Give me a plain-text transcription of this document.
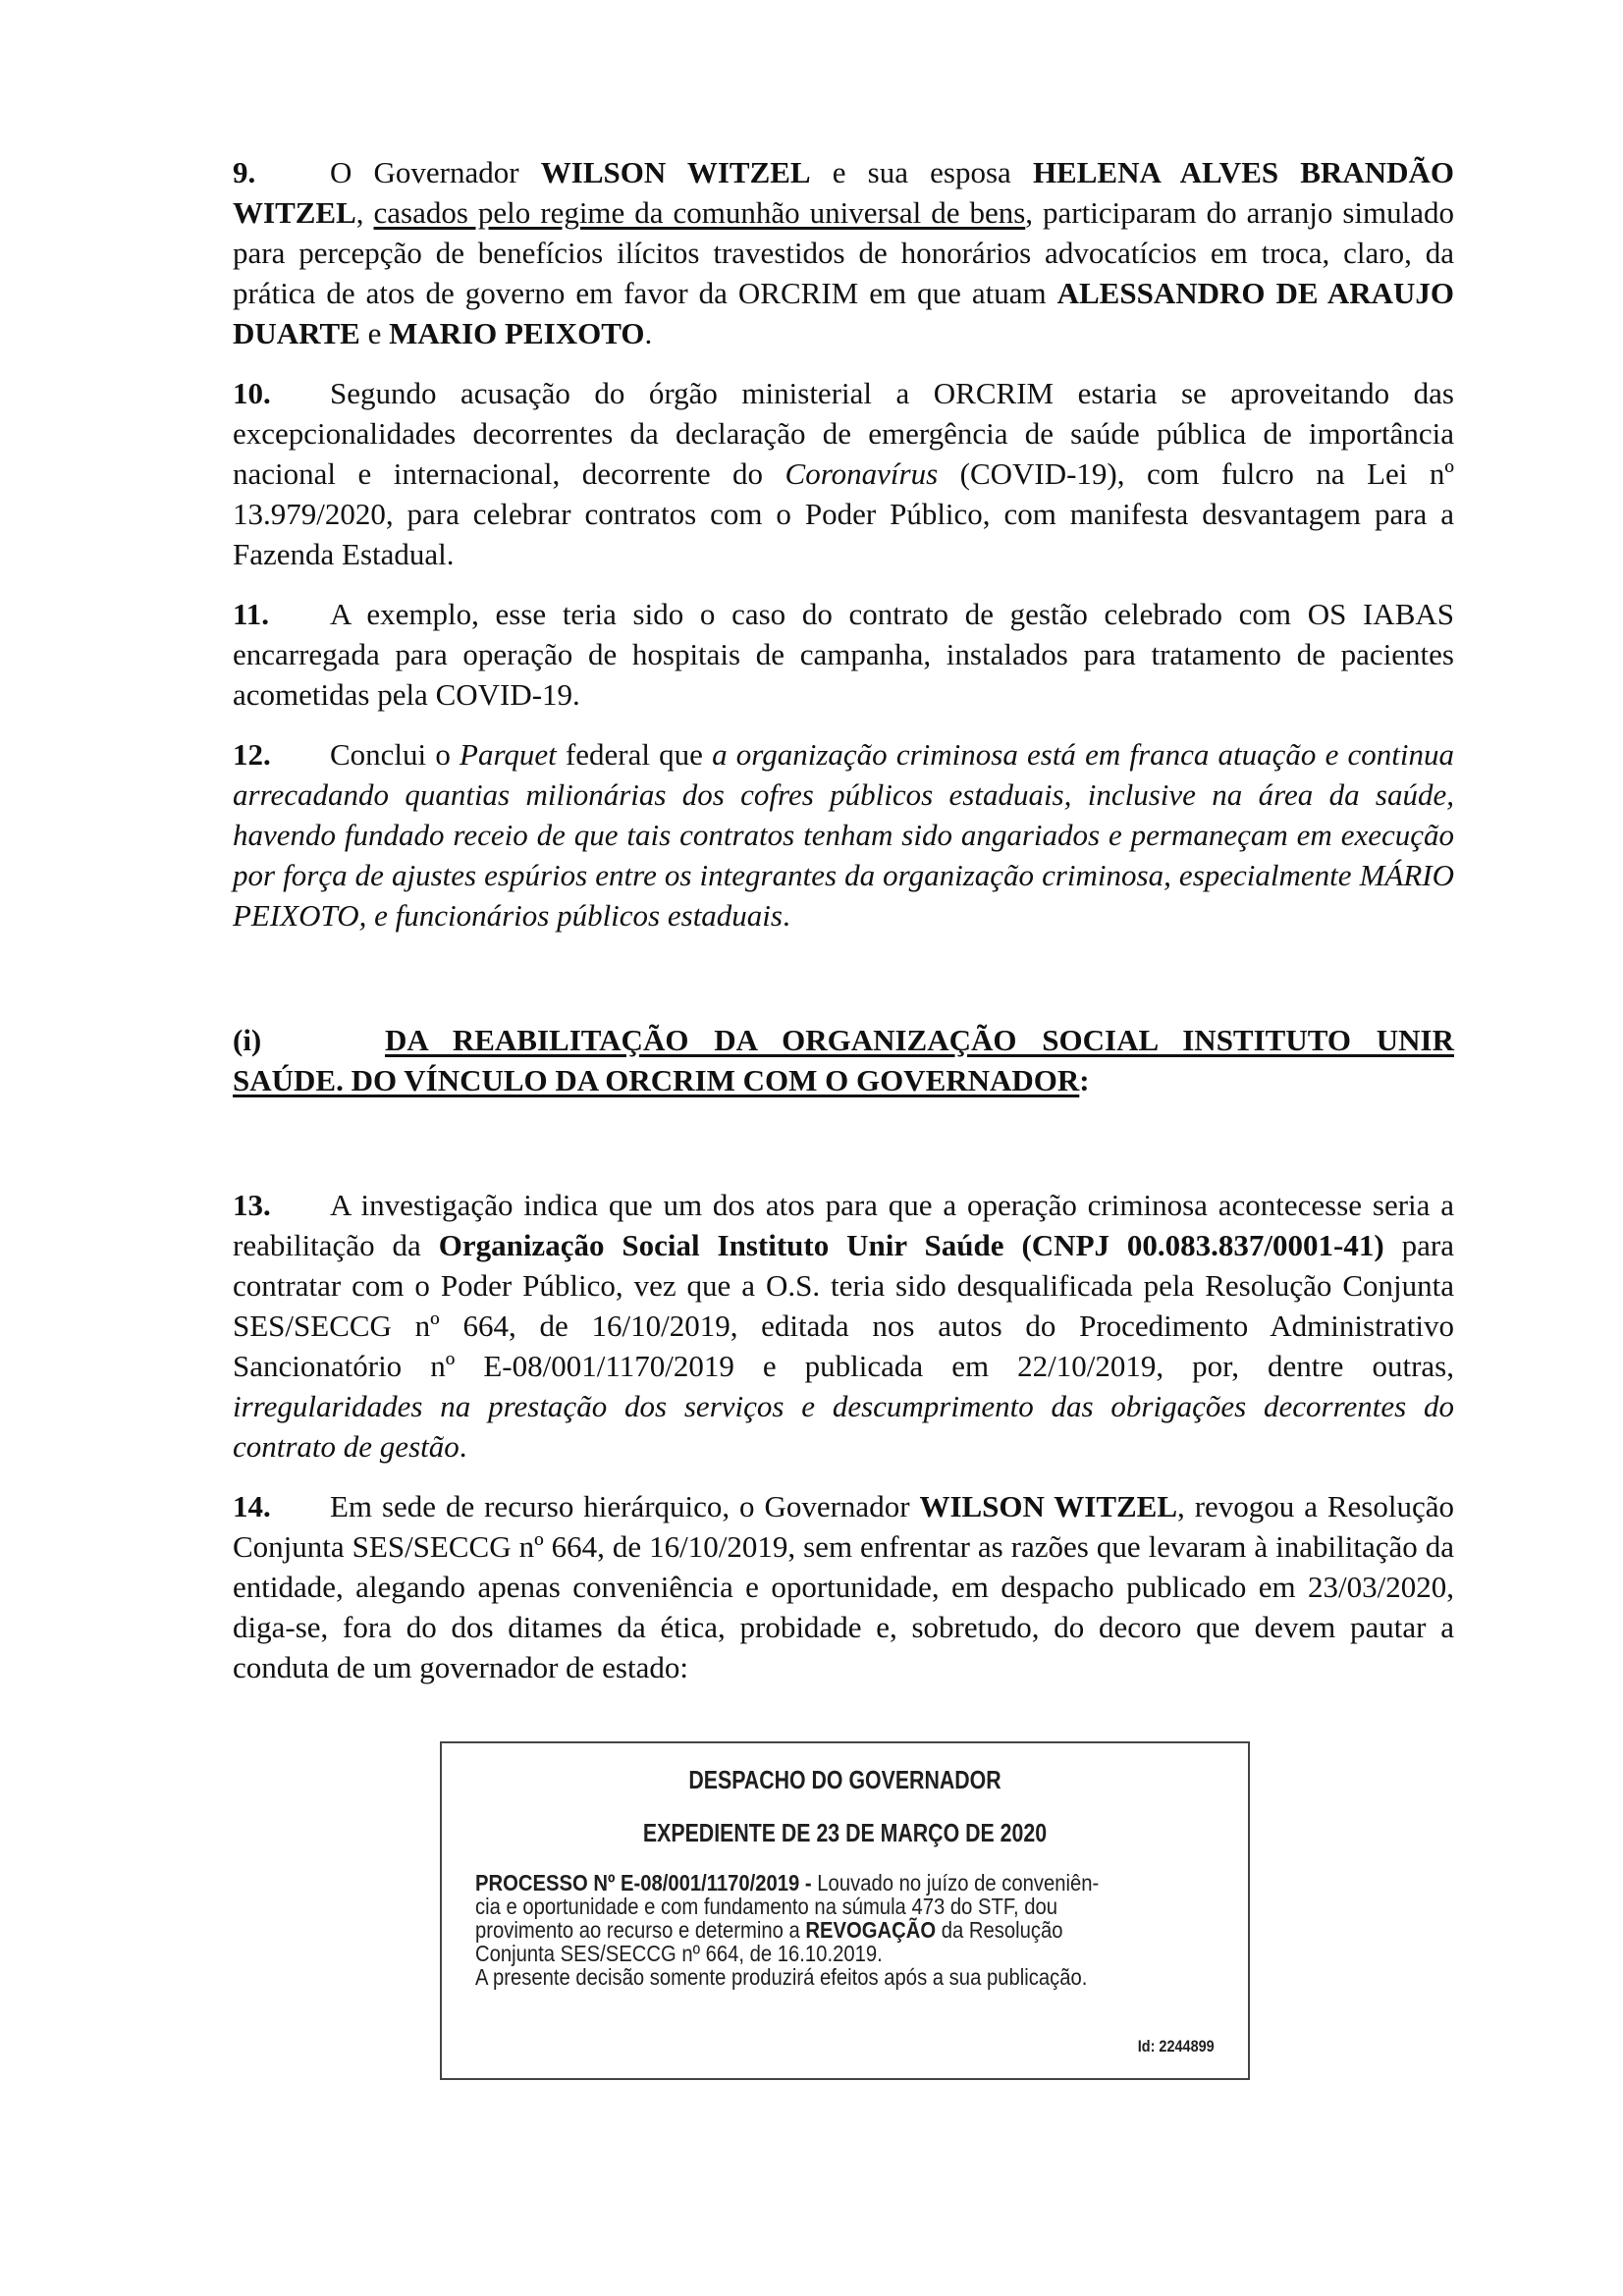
9. O Governador WILSON WITZEL e sua esposa HELENA ALVES BRANDÃO WITZEL, casados pelo regime da comunhão universal de bens, participaram do arranjo simulado para percepção de benefícios ilícitos travestidos de honorários advocatícios em troca, claro, da prática de atos de governo em favor da ORCRIM em que atuam ALESSANDRO DE ARAUJO DUARTE e MARIO PEIXOTO.

10. Segundo acusação do órgão ministerial a ORCRIM estaria se aproveitando das excepcionalidades decorrentes da declaração de emergência de saúde pública de importância nacional e internacional, decorrente do Coronavírus (COVID-19), com fulcro na Lei nº 13.979/2020, para celebrar contratos com o Poder Público, com manifesta desvantagem para a Fazenda Estadual.

11. A exemplo, esse teria sido o caso do contrato de gestão celebrado com OS IABAS encarregada para operação de hospitais de campanha, instalados para tratamento de pacientes acometidas pela COVID-19.

12. Conclui o Parquet federal que a organização criminosa está em franca atuação e continua arrecadando quantias milionárias dos cofres públicos estaduais, inclusive na área da saúde, havendo fundado receio de que tais contratos tenham sido angariados e permaneçam em execução por força de ajustes espúrios entre os integrantes da organização criminosa, especialmente MÁRIO PEIXOTO, e funcionários públicos estaduais.

(i)	DA REABILITAÇÃO DA ORGANIZAÇÃO SOCIAL INSTITUTO UNIR SAÚDE. DO VÍNCULO DA ORCRIM COM O GOVERNADOR:

13. A investigação indica que um dos atos para que a operação criminosa acontecesse seria a reabilitação da Organização Social Instituto Unir Saúde (CNPJ 00.083.837/0001-41) para contratar com o Poder Público, vez que a O.S. teria sido desqualificada pela Resolução Conjunta SES/SECCG nº 664, de 16/10/2019, editada nos autos do Procedimento Administrativo Sancionatório nº E-08/001/1170/2019 e publicada em 22/10/2019, por, dentre outras, irregularidades na prestação dos serviços e descumprimento das obrigações decorrentes do contrato de gestão.

14. Em sede de recurso hierárquico, o Governador WILSON WITZEL, revogou a Resolução Conjunta SES/SECCG nº 664, de 16/10/2019, sem enfrentar as razões que levaram à inabilitação da entidade, alegando apenas conveniência e oportunidade, em despacho publicado em 23/03/2020, diga-se, fora do dos ditames da ética, probidade e, sobretudo, do decoro que devem pautar a conduta de um governador de estado:

DESPACHO DO GOVERNADOR
EXPEDIENTE DE 23 DE MARÇO DE 2020
PROCESSO Nº E-08/001/1170/2019 - Louvado no juízo de conveniên-
cia e oportunidade e com fundamento na súmula 473 do STF, dou
provimento ao recurso e determino a REVOGAÇÃO da Resolução
Conjunta SES/SECCG nº 664, de 16.10.2019.
A presente decisão somente produzirá efeitos após a sua publicação.
Id: 2244899
